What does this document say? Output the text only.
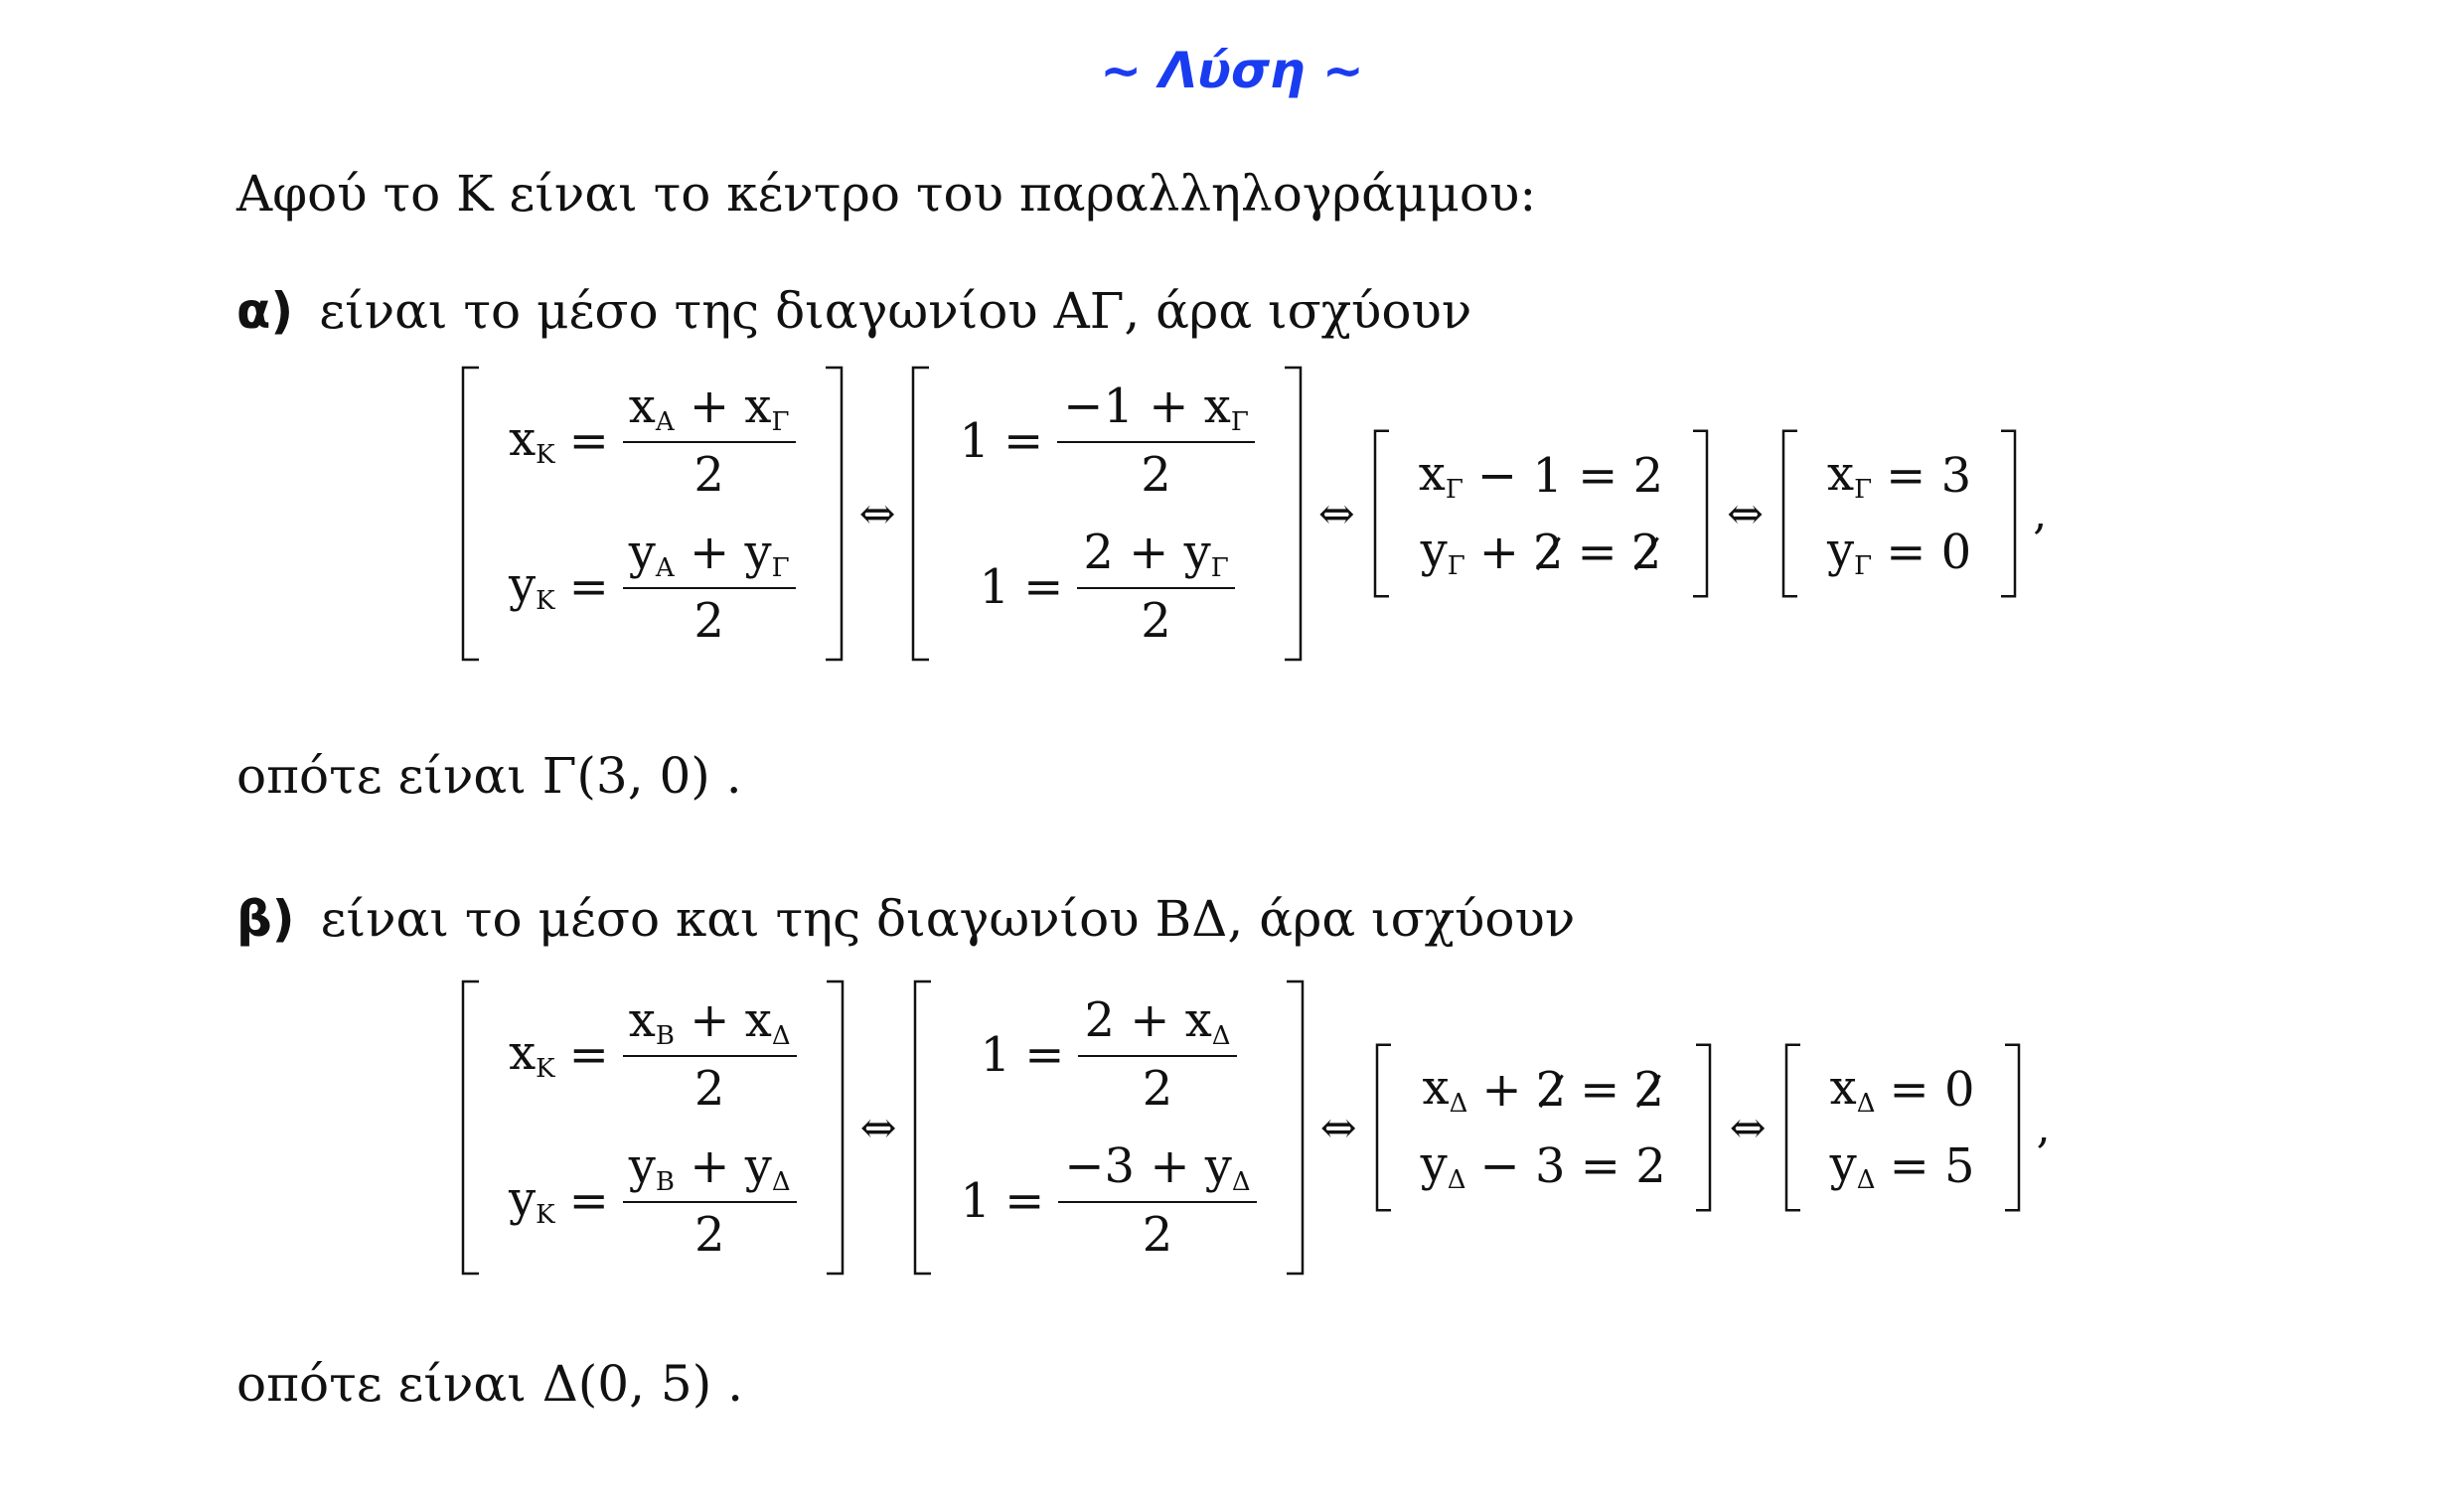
~ Λύση ~
Αφού το Κ είναι το κέντρο του παραλληλογράμμου:
α) είναι το μέσο της διαγωνίου ΑΓ, άρα ισχύουν
$x_K = \frac{x_A + x_\Gamma}{2}$
$y_K = \frac{y_A + y_\Gamma}{2}$
⇔
$1 = \frac{-1 + x_\Gamma}{2}$
$1 = \frac{2 + y_\Gamma}{2}$
⇔
$x_\Gamma - 1 = 2$
$y_\Gamma + 2 = 2$
⇔
$x_\Gamma = 3$
$y_\Gamma = 0$
,
οπότε είναι Γ(3, 0) .
β) είναι το μέσο και της διαγωνίου ΒΔ, άρα ισχύουν
$x_K = \frac{x_B + x_\Delta}{2}$
$y_K = \frac{y_B + y_\Delta}{2}$
⇔
$1 = \frac{2 + x_\Delta}{2}$
$1 = \frac{-3 + y_\Delta}{2}$
⇔
$x_\Delta + 2 = 2$
$y_\Delta - 3 = 2$
⇔
$x_\Delta = 0$
$y_\Delta = 5$
,
οπότε είναι Δ(0, 5) .
